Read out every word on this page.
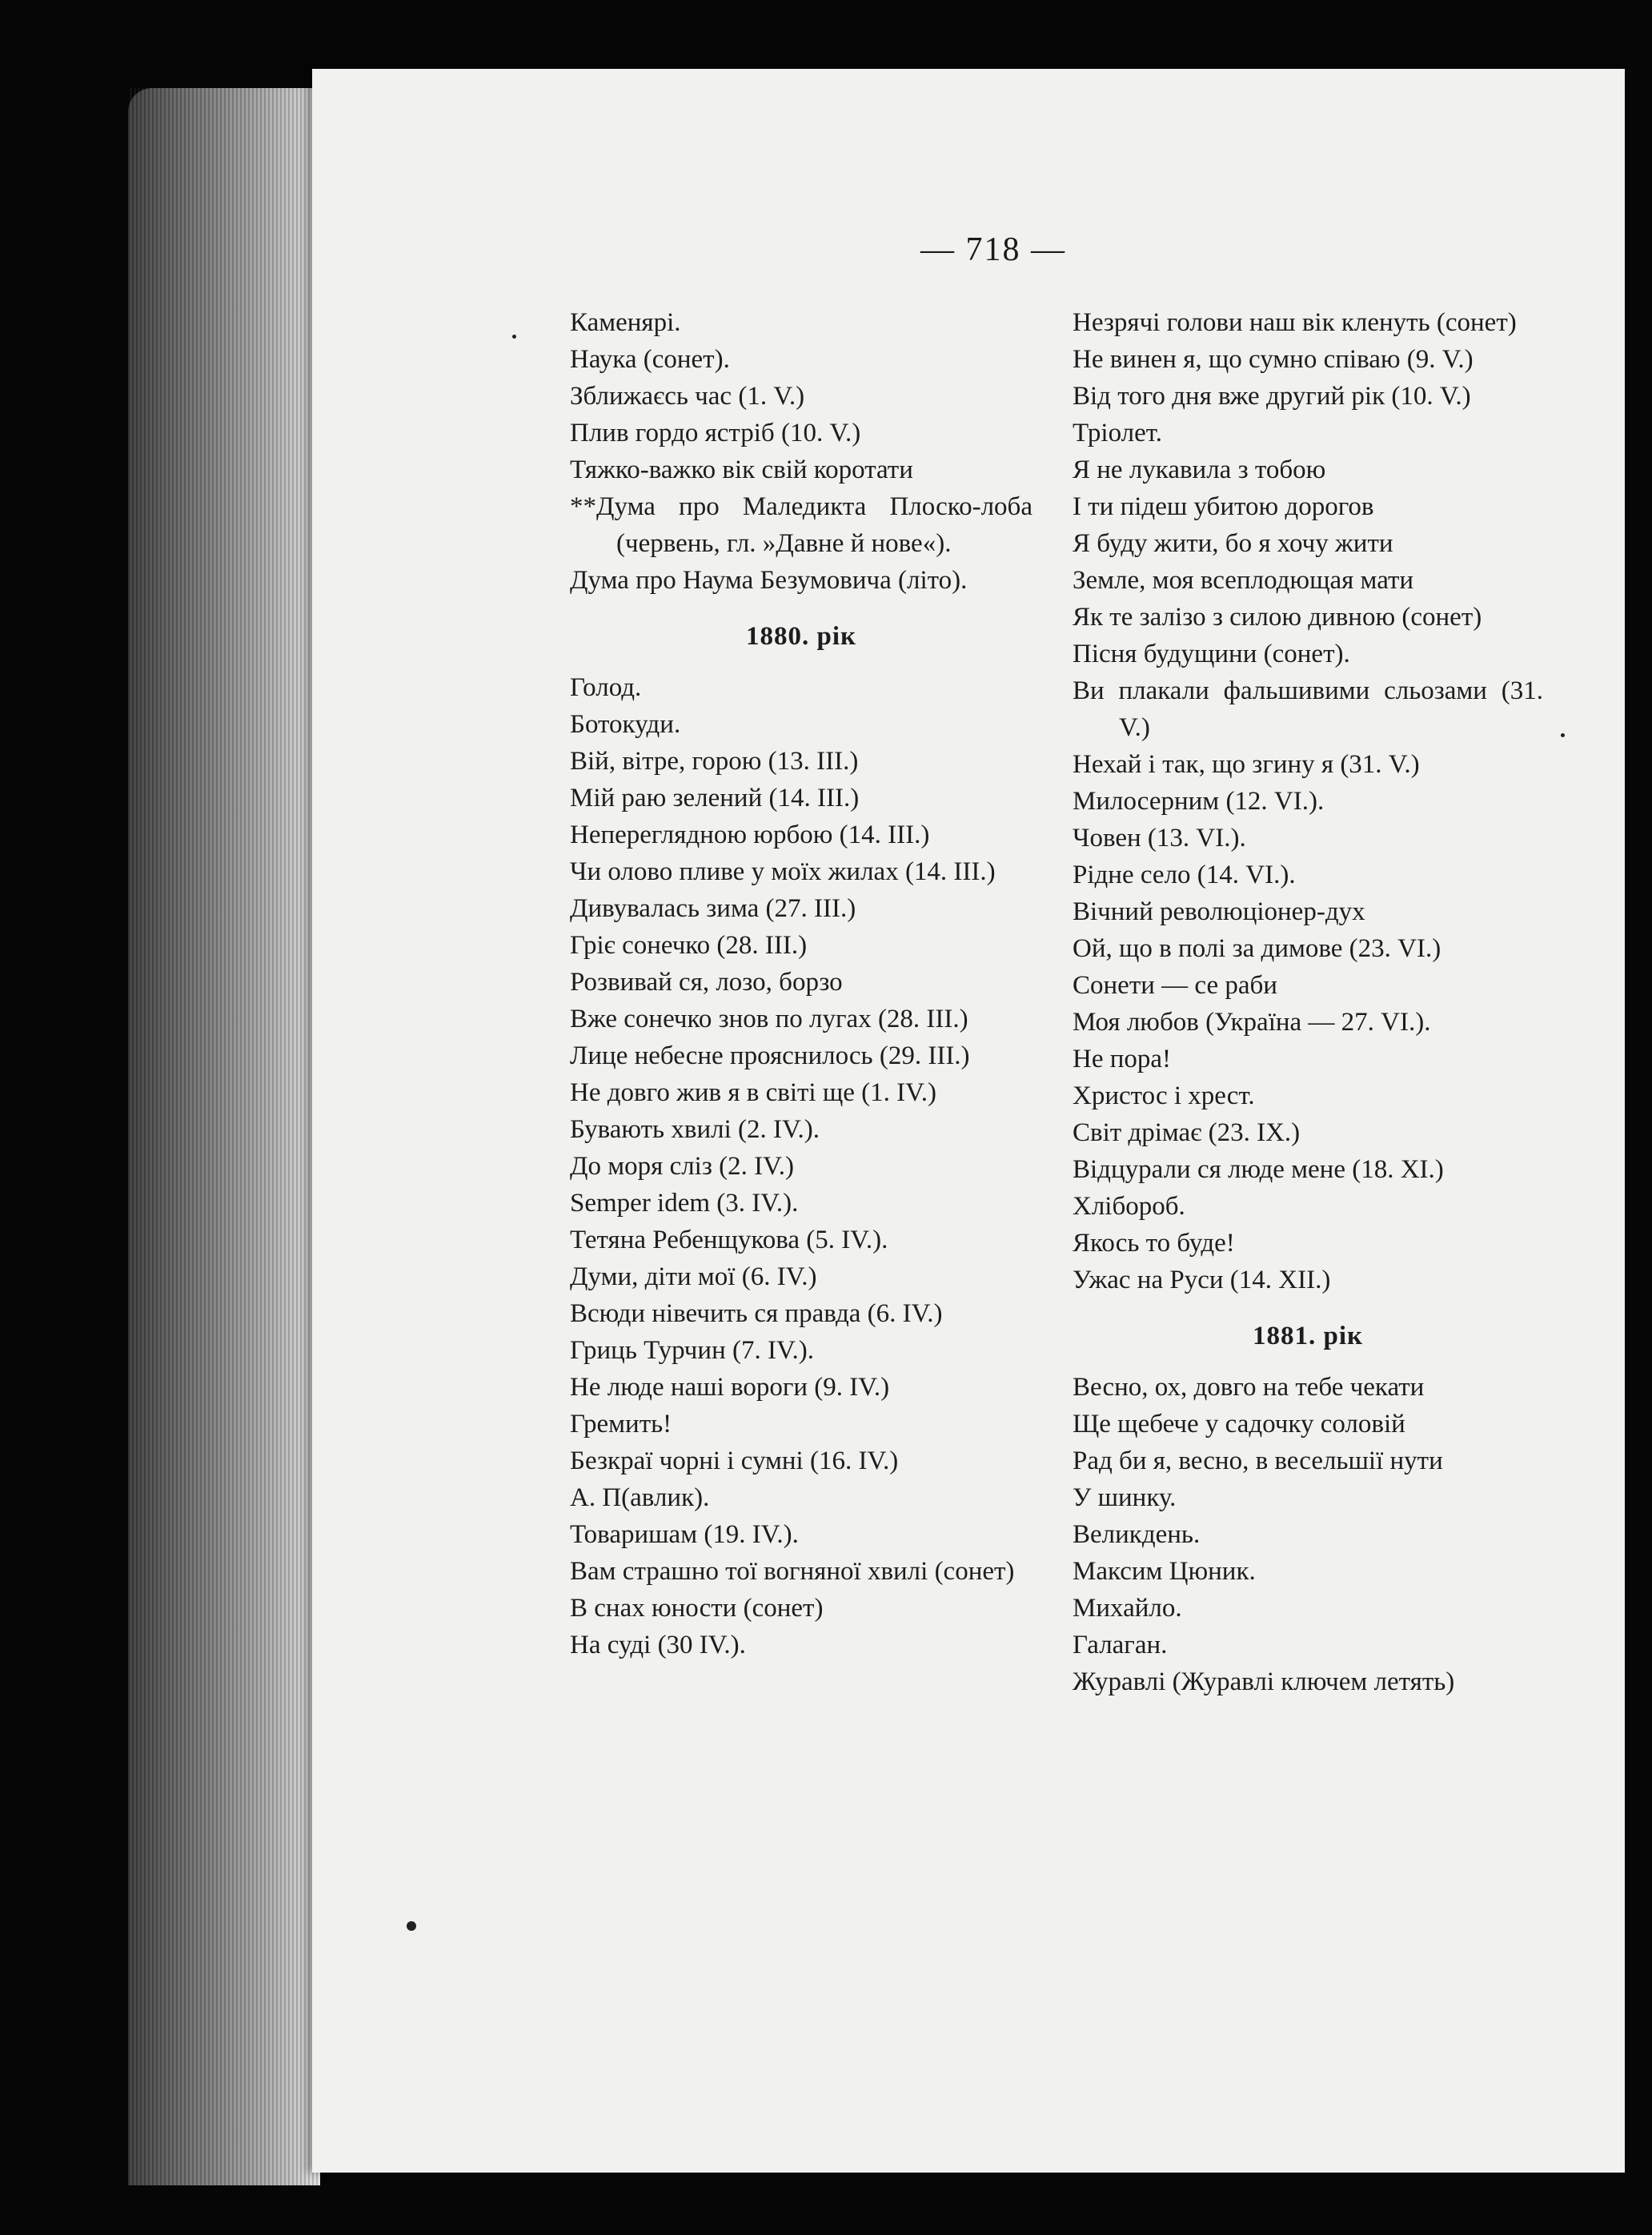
— 718 —

Каменярі.

Наука (сонет).

Зближаєсь час (1. V.)

Плив гордо ястріб (10. V.)

Тяжко-важко вік свій коротати

**Дума про Маледикта Плоско-лоба (червень, гл. »Давне й нове«).

Дума про Наума Безумовича (літо).

1880. рік

Голод.

Ботокуди.

Вій, вітре, горою (13. III.)

Мій раю зелений (14. III.)

Неперeглядною юрбою (14. III.)

Чи олово пливе у моїх жилах (14. III.)

Дивувалась зима (27. III.)

Гріє сонечко (28. III.)

Розвивай ся, лозо, борзо

Вже сонечко знов по лугах (28. III.)

Лице небесне прояснилось (29. III.)

Не довго жив я в світі ще (1. IV.)

Бувають хвилі (2. IV.).

До моря сліз (2. IV.)

Semper idem (3. IV.).

Тетяна Ребенщукова (5. IV.).

Думи, діти мої (6. IV.)

Всюди нівечить ся правда (6. IV.)

Гриць Турчин (7. IV.).

Не люде наші вороги (9. IV.)

Гремить!

Безкраї чорні і сумні (16. IV.)

А. П(авлик).

Товаришам (19. IV.).

Вам страшно тої вогняної хвилі (сонет)

В снах юности (сонет)

На суді (30 IV.).

Незрячі голови наш вік кленуть (сонет)

Не винен я, що сумно співаю (9. V.)

Від того дня вже другий рік (10. V.)

Тріолет.

Я не лукавила з тобою

І ти підеш убитою дорогов

Я буду жити, бо я хочу жити

Земле, моя всеплодющая мати

Як те залізо з силою дивною (сонет)

Пісня будущини (сонет).

Ви плакали фальшивими сльозами (31. V.)

Нехай і так, що згину я (31. V.)

Милосерним (12. VI.).

Човен (13. VI.).

Рідне село (14. VI.).

Вічний революціонер-дух

Ой, що в полі за димове (23. VI.)

Сонети — се раби

Моя любов (Україна — 27. VI.).

Не пора!

Христос і хрест.

Світ дрімає (23. IX.)

Відцурали ся люде мене (18. XI.)

Хлібороб.

Якось то буде!

Ужас на Руси (14. XII.)

1881. рік

Весно, ох, довго на тебе чекати

Ще щебече у садочку соловій

Рад би я, весно, в весельшії нути

У шинку.

Великдень.

Максим Цюник.

Михайло.

Галаган.

Журавлі (Журавлі ключем летять)
